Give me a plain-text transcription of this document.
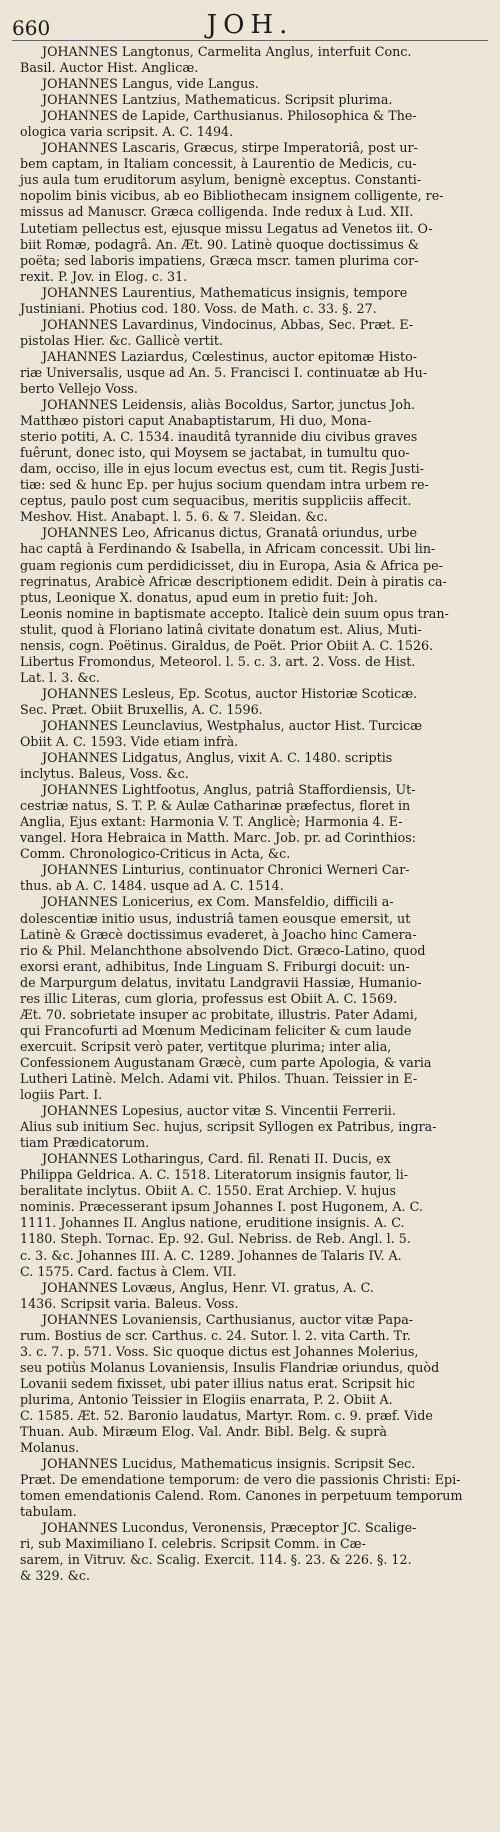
660	JOH.
JOHANNES Langtonus, Carmelita Anglus, interfuit Conc.
Basil. Auctor Hist. Anglicæ.
JOHANNES Langus, vide Langus.
JOHANNES Lantzius, Mathematicus. Scripsit plurima.
JOHANNES de Lapide, Carthusianus. Philosophica & The-
ologica varia scripsit. A. C. 1494.
JOHANNES Lascaris, Græcus, stirpe Imperatoriâ, post ur-
bem captam, in Italiam concessit, à Laurentio de Medicis, cu-
jus aula tum eruditorum asylum, benignè exceptus. Constanti-
nopolim binis vicibus, ab eo Bibliothecam insignem colligente, re-
missus ad Manuscr. Græca colligenda. Inde redux à Lud. XII.
Lutetiam pellectus est, ejusque missu Legatus ad Venetos iit. O-
biit Romæ, podagrâ. An. Æt. 90. Latinè quoque doctissimus &
poëta; sed laboris impatiens, Græca mscr. tamen plurima cor-
rexit. P. Jov. in Elog. c. 31.
JOHANNES Laurentius, Mathematicus insignis, tempore
Justiniani. Photius cod. 180. Voss. de Math. c. 33. §. 27.
JOHANNES Lavardinus, Vindocinus, Abbas, Sec. Præt. E-
pistolas Hier. &c. Gallicè vertit.
JAHANNES Laziardus, Cœlestinus, auctor epitomæ Histo-
riæ Universalis, usque ad An. 5. Francisci I. continuatæ ab Hu-
berto Vellejo Voss.
JOHANNES Leidensis, aliàs Bocoldus, Sartor, junctus Joh.
Matthæo pistori caput Anabaptistarum, Hi duo, Mona-
sterio potiti, A. C. 1534. inauditâ tyrannide diu civibus graves
fuêrunt, donec isto, qui Moysem se jactabat, in tumultu quo-
dam, occiso, ille in ejus locum evectus est, cum tit. Regis Justi-
tiæ: sed & hunc Ep. per hujus socium quendam intra urbem re-
ceptus, paulo post cum sequacibus, meritis suppliciis affecit.
Meshov. Hist. Anabapt. l. 5. 6. & 7. Sleidan. &c.
JOHANNES Leo, Africanus dictus, Granatâ oriundus, urbe
hac captâ à Ferdinando & Isabella, in Africam concessit. Ubi lin-
guam regionis cum perdidicisset, diu in Europa, Asia & Africa pe-
regrinatus, Arabicè Africæ descriptionem edidit. Dein à piratis ca-
ptus, Leonique X. donatus, apud eum in pretio fuit: Joh.
Leonis nomine in baptismate accepto. Italicè dein suum opus tran-
stulit, quod à Floriano latinâ civitate donatum est. Alius, Muti-
nensis, cogn. Poëtinus. Giraldus, de Poët. Prior Obiit A. C. 1526.
Libertus Fromondus, Meteorol. l. 5. c. 3. art. 2. Voss. de Hist.
Lat. l. 3. &c.
JOHANNES Lesleus, Ep. Scotus, auctor Historiæ Scoticæ.
Sec. Præt. Obiit Bruxellis, A. C. 1596.
JOHANNES Leunclavius, Westphalus, auctor Hist. Turcicæ
Obiit A. C. 1593. Vide etiam infrà.
JOHANNES Lidgatus, Anglus, vixit A. C. 1480. scriptis
inclytus. Baleus, Voss. &c.
JOHANNES Lightfootus, Anglus, patriâ Staffordiensis, Ut-
cestriæ natus, S. T. P. & Aulæ Catharinæ præfectus, floret in
Anglia, Ejus extant: Harmonia V. T. Anglicè; Harmonia 4. E-
vangel. Hora Hebraica in Matth. Marc. Job. pr. ad Corinthios:
Comm. Chronologico-Criticus in Acta, &c.
JOHANNES Linturius, continuator Chronici Werneri Car-
thus. ab A. C. 1484. usque ad A. C. 1514.
JOHANNES Lonicerius, ex Com. Mansfeldio, difficili a-
dolescentiæ initio usus, industriâ tamen eousque emersit, ut
Latinè & Græcè doctissimus evaderet, à Joacho hinc Camera-
rio & Phil. Melanchthone absolvendo Dict. Græco-Latino, quod
exorsi erant, adhibitus, Inde Linguam S. Friburgi docuit: un-
de Marpurgum delatus, invitatu Landgravii Hassiæ, Humanio-
res illic Literas, cum gloria, professus est Obiit A. C. 1569.
Æt. 70. sobrietate insuper ac probitate, illustris. Pater Adami,
qui Francofurti ad Mœnum Medicinam feliciter & cum laude
exercuit. Scripsit verò pater, vertitque plurima; inter alia,
Confessionem Augustanam Græcè, cum parte Apologia, & varia
Lutheri Latinè. Melch. Adami vit. Philos. Thuan. Teissier in E-
logiis Part. I.
JOHANNES Lopesius, auctor vitæ S. Vincentii Ferrerii.
Alius sub initium Sec. hujus, scripsit Syllogen ex Patribus, ingra-
tiam Prædicatorum.
JOHANNES Lotharingus, Card. fil. Renati II. Ducis, ex
Philippa Geldrica. A. C. 1518. Literatorum insignis fautor, li-
beralitate inclytus. Obiit A. C. 1550. Erat Archiep. V. hujus
nominis. Præcesserant ipsum Johannes I. post Hugonem, A. C.
1111. Johannes II. Anglus natione, eruditione insignis. A. C.
1180. Steph. Tornac. Ep. 92. Gul. Nebriss. de Reb. Angl. l. 5.
c. 3. &c. Johannes III. A. C. 1289. Johannes de Talaris IV. A.
C. 1575. Card. factus à Clem. VII.
JOHANNES Lovæus, Anglus, Henr. VI. gratus, A. C.
1436. Scripsit varia. Baleus. Voss.
JOHANNES Lovaniensis, Carthusianus, auctor vitæ Papa-
rum. Bostius de scr. Carthus. c. 24. Sutor. l. 2. vita Carth. Tr.
3. c. 7. p. 571. Voss. Sic quoque dictus est Johannes Molerius,
seu potiùs Molanus Lovaniensis, Insulis Flandriæ oriundus, quòd
Lovanii sedem fixisset, ubi pater illius natus erat. Scripsit hic
plurima, Antonio Teissier in Elogiis enarrata, P. 2. Obiit A.
C. 1585. Æt. 52. Baronio laudatus, Martyr. Rom. c. 9. præf. Vide
Thuan. Aub. Miræum Elog. Val. Andr. Bibl. Belg. & suprà
Molanus.
JOHANNES Lucidus, Mathematicus insignis. Scripsit Sec.
Præt. De emendatione temporum: de vero die passionis Christi: Epi-
tomen emendationis Calend. Rom. Canones in perpetuum temporum
tabulam.
JOHANNES Lucondus, Veronensis, Præceptor JC. Scalige-
ri, sub Maximiliano I. celebris. Scripsit Comm. in Cæ-
sarem, in Vitruv. &c. Scalig. Exercit. 114. §. 23. & 226. §. 12.
& 329. &c.
